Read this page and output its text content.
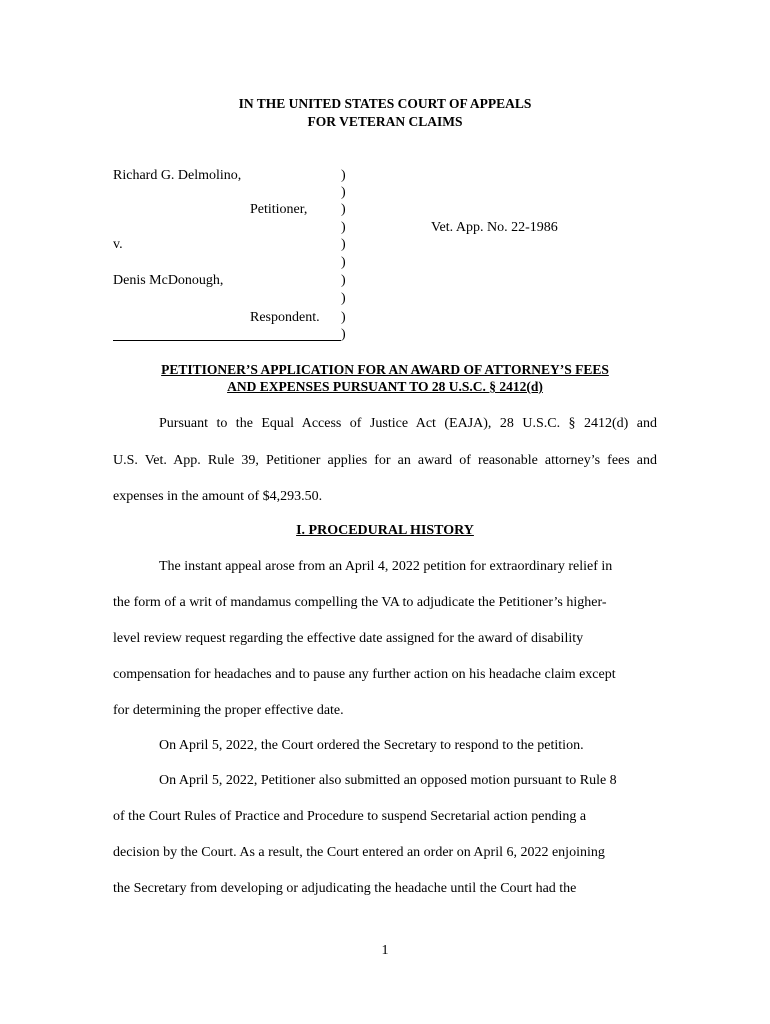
IN THE UNITED STATES COURT OF APPEALS
FOR VETERAN CLAIMS
Richard G. Delmolino,
Petitioner,
v.
Denis McDonough,
Respondent.
)
)
)
)
)
)
)
)
)
)
Vet. App. No. 22-1986
PETITIONER’S APPLICATION FOR AN AWARD OF ATTORNEY’S FEES
AND EXPENSES PURSUANT TO 28 U.S.C. § 2412(d)
Pursuant to the Equal Access of Justice Act (EAJA), 28 U.S.C. § 2412(d) and
U.S. Vet. App. Rule 39, Petitioner applies for an award of reasonable attorney’s fees and
expenses in the amount of $4,293.50.
I. PROCEDURAL HISTORY
The instant appeal arose from an April 4, 2022 petition for extraordinary relief in
the form of a writ of mandamus compelling the VA to adjudicate the Petitioner’s higher-
level review request regarding the effective date assigned for the award of disability
compensation for headaches and to pause any further action on his headache claim except
for determining the proper effective date.
On April 5, 2022, the Court ordered the Secretary to respond to the petition.
On April 5, 2022, Petitioner also submitted an opposed motion pursuant to Rule 8
of the Court Rules of Practice and Procedure to suspend Secretarial action pending a
decision by the Court. As a result, the Court entered an order on April 6, 2022 enjoining
the Secretary from developing or adjudicating the headache until the Court had the
1
